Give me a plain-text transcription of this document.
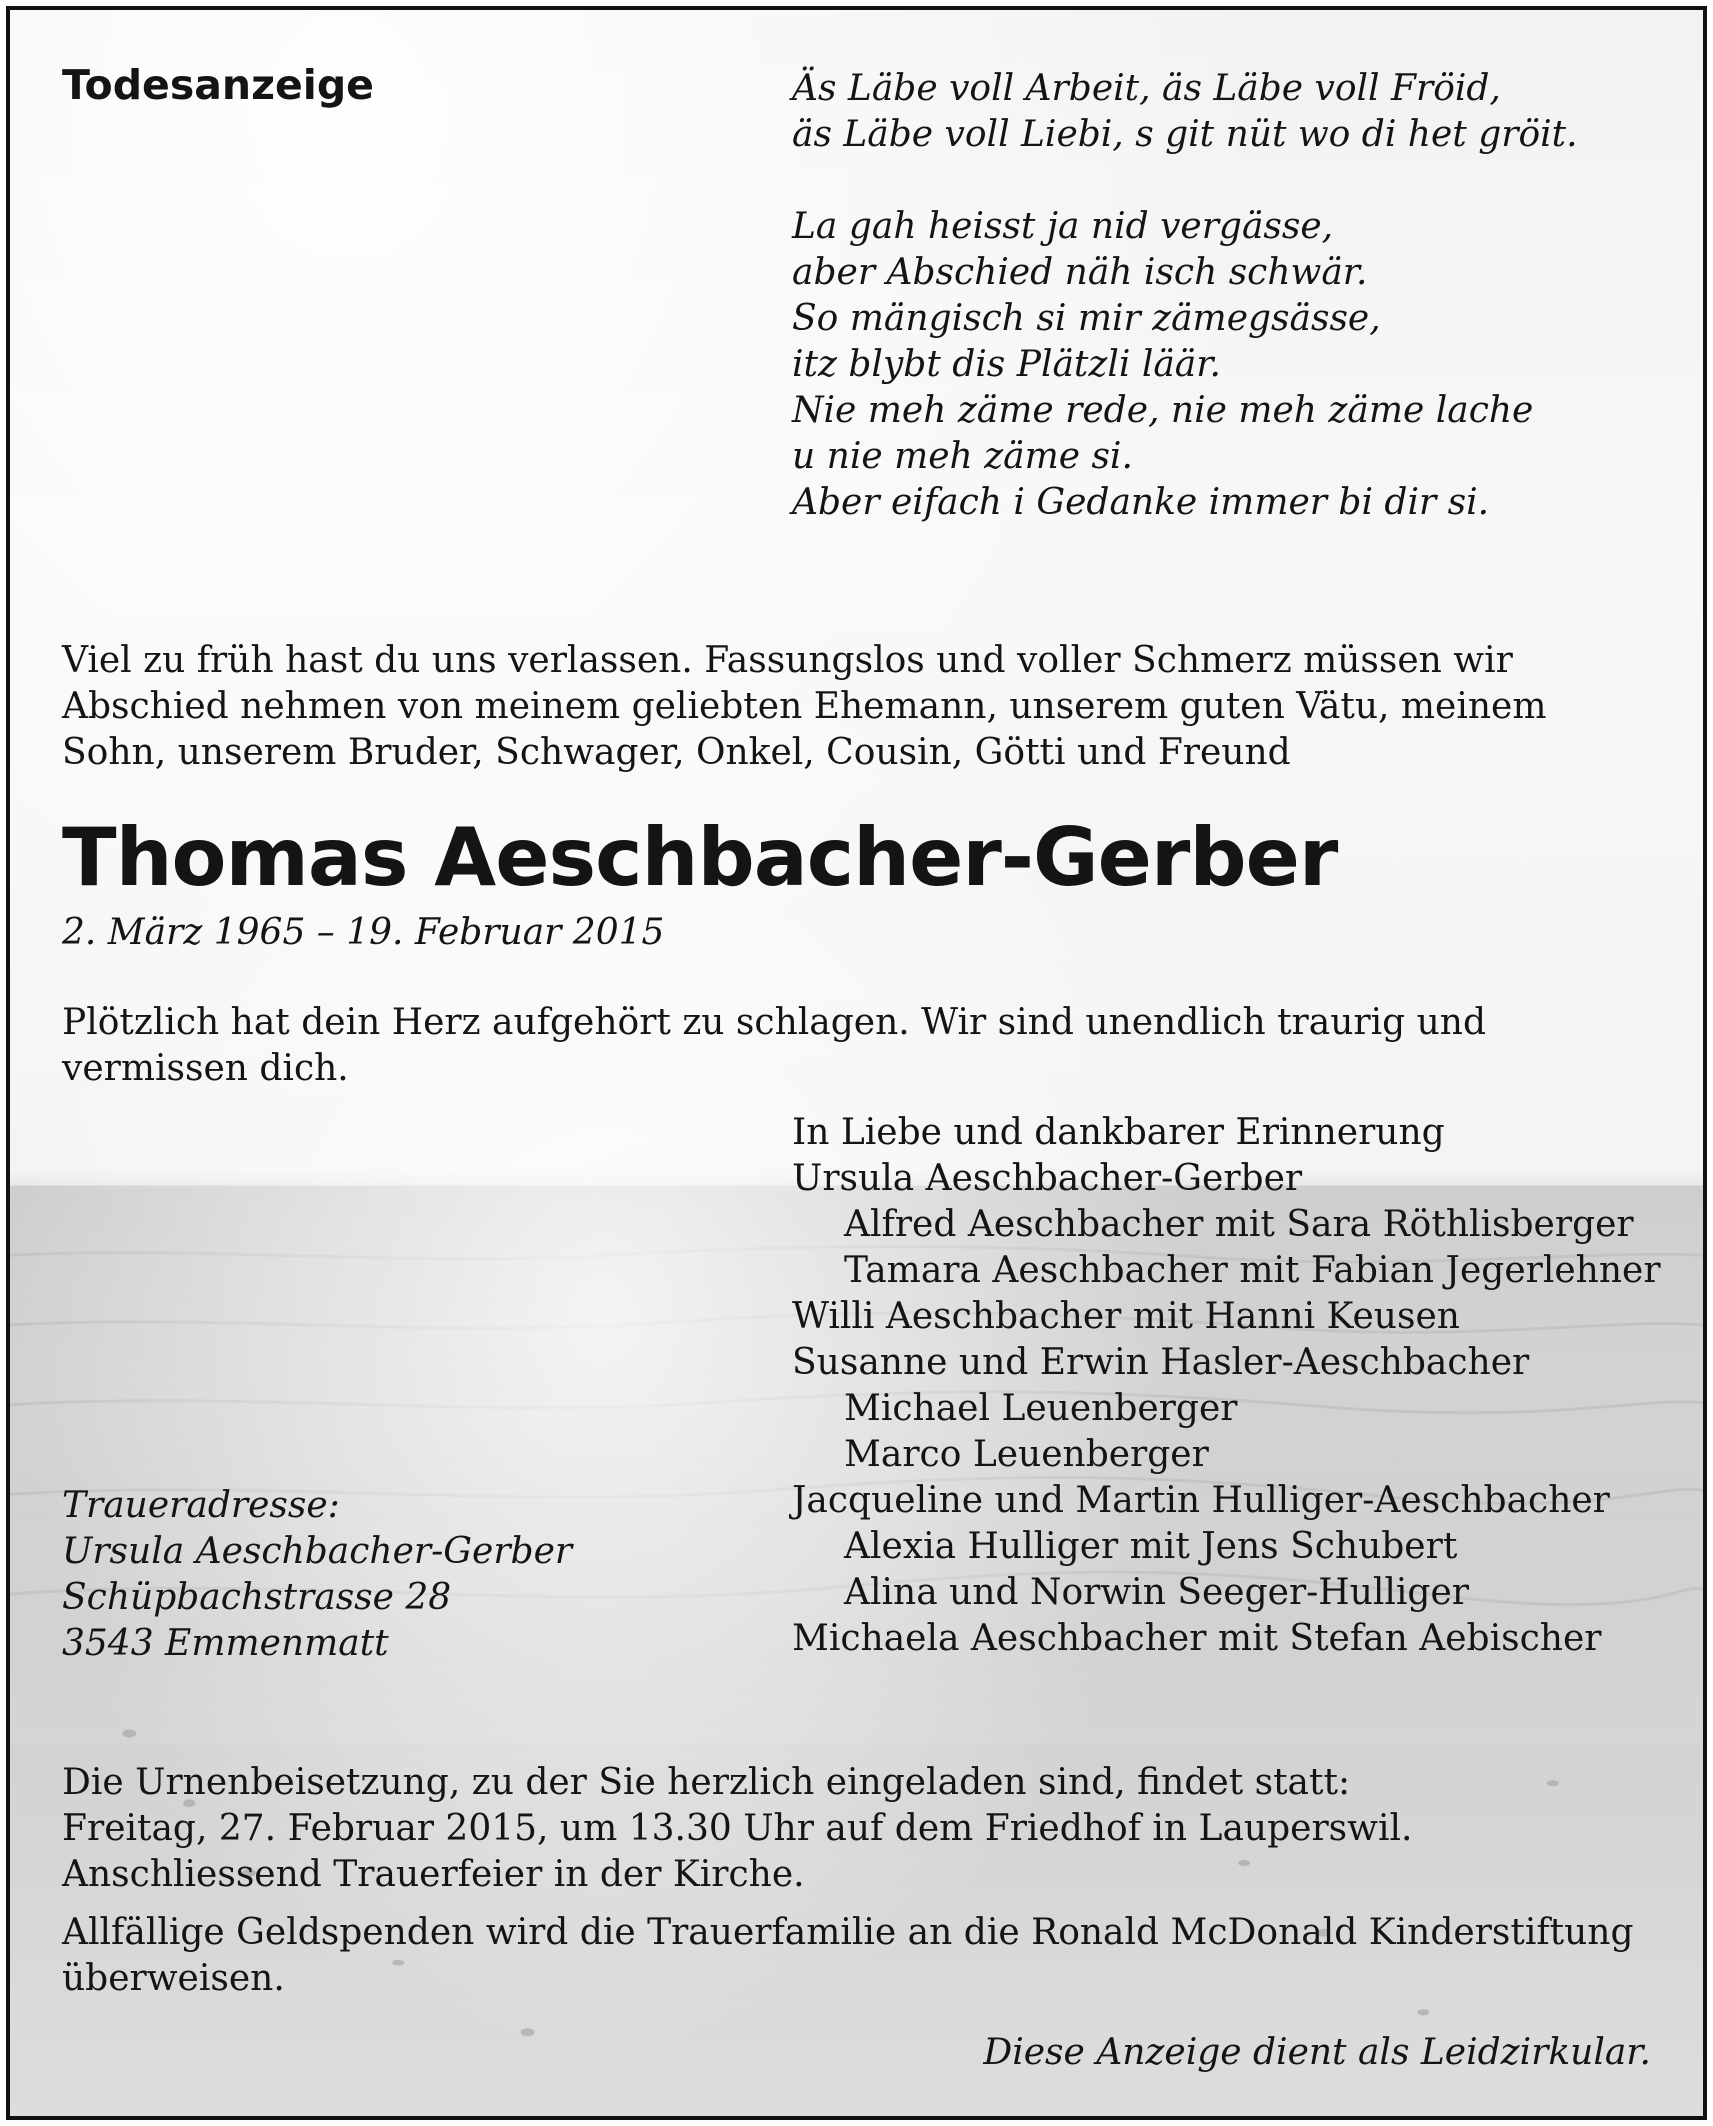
Todesanzeige	Äs Läbe voll Arbeit, äs Läbe voll Fröid,
äs Läbe voll Liebi, s git nüt wo di het gröit.
La gah heisst ja nid vergässe,
aber Abschied näh isch schwär.
So mängisch si mir zämegsässe,
itz blybt dis Plätzli läär.
Nie meh zäme rede, nie meh zäme lache
u nie meh zäme si.
Aber eifach i Gedanke immer bi dir si.
Viel zu früh hast du uns verlassen. Fassungslos und voller Schmerz müssen wir
Abschied nehmen von meinem geliebten Ehemann, unserem guten Vätu, meinem
Sohn, unserem Bruder, Schwager, Onkel, Cousin, Götti und Freund
Thomas Aeschbacher-Gerber
2. März 1965 – 19. Februar 2015
Plötzlich hat dein Herz aufgehört zu schlagen. Wir sind unendlich traurig und
vermissen dich.
In Liebe und dankbarer Erinnerung
Ursula Aeschbacher-Gerber
Alfred Aeschbacher mit Sara Röthlisberger
Tamara Aeschbacher mit Fabian Jegerlehner
Willi Aeschbacher mit Hanni Keusen
Susanne und Erwin Hasler-Aeschbacher
Michael Leuenberger
Marco Leuenberger
Jacqueline und Martin Hulliger-Aeschbacher
Alexia Hulliger mit Jens Schubert
Alina und Norwin Seeger-Hulliger
Michaela Aeschbacher mit Stefan Aebischer
Traueradresse:
Ursula Aeschbacher-Gerber
Schüpbachstrasse 28
3543 Emmenmatt
Die Urnenbeisetzung, zu der Sie herzlich eingeladen sind, findet statt:
Freitag, 27. Februar 2015, um 13.30 Uhr auf dem Friedhof in Lauperswil.
Anschliessend Trauerfeier in der Kirche.
Allfällige Geldspenden wird die Trauerfamilie an die Ronald McDonald Kinderstiftung
überweisen.
Diese Anzeige dient als Leidzirkular.
